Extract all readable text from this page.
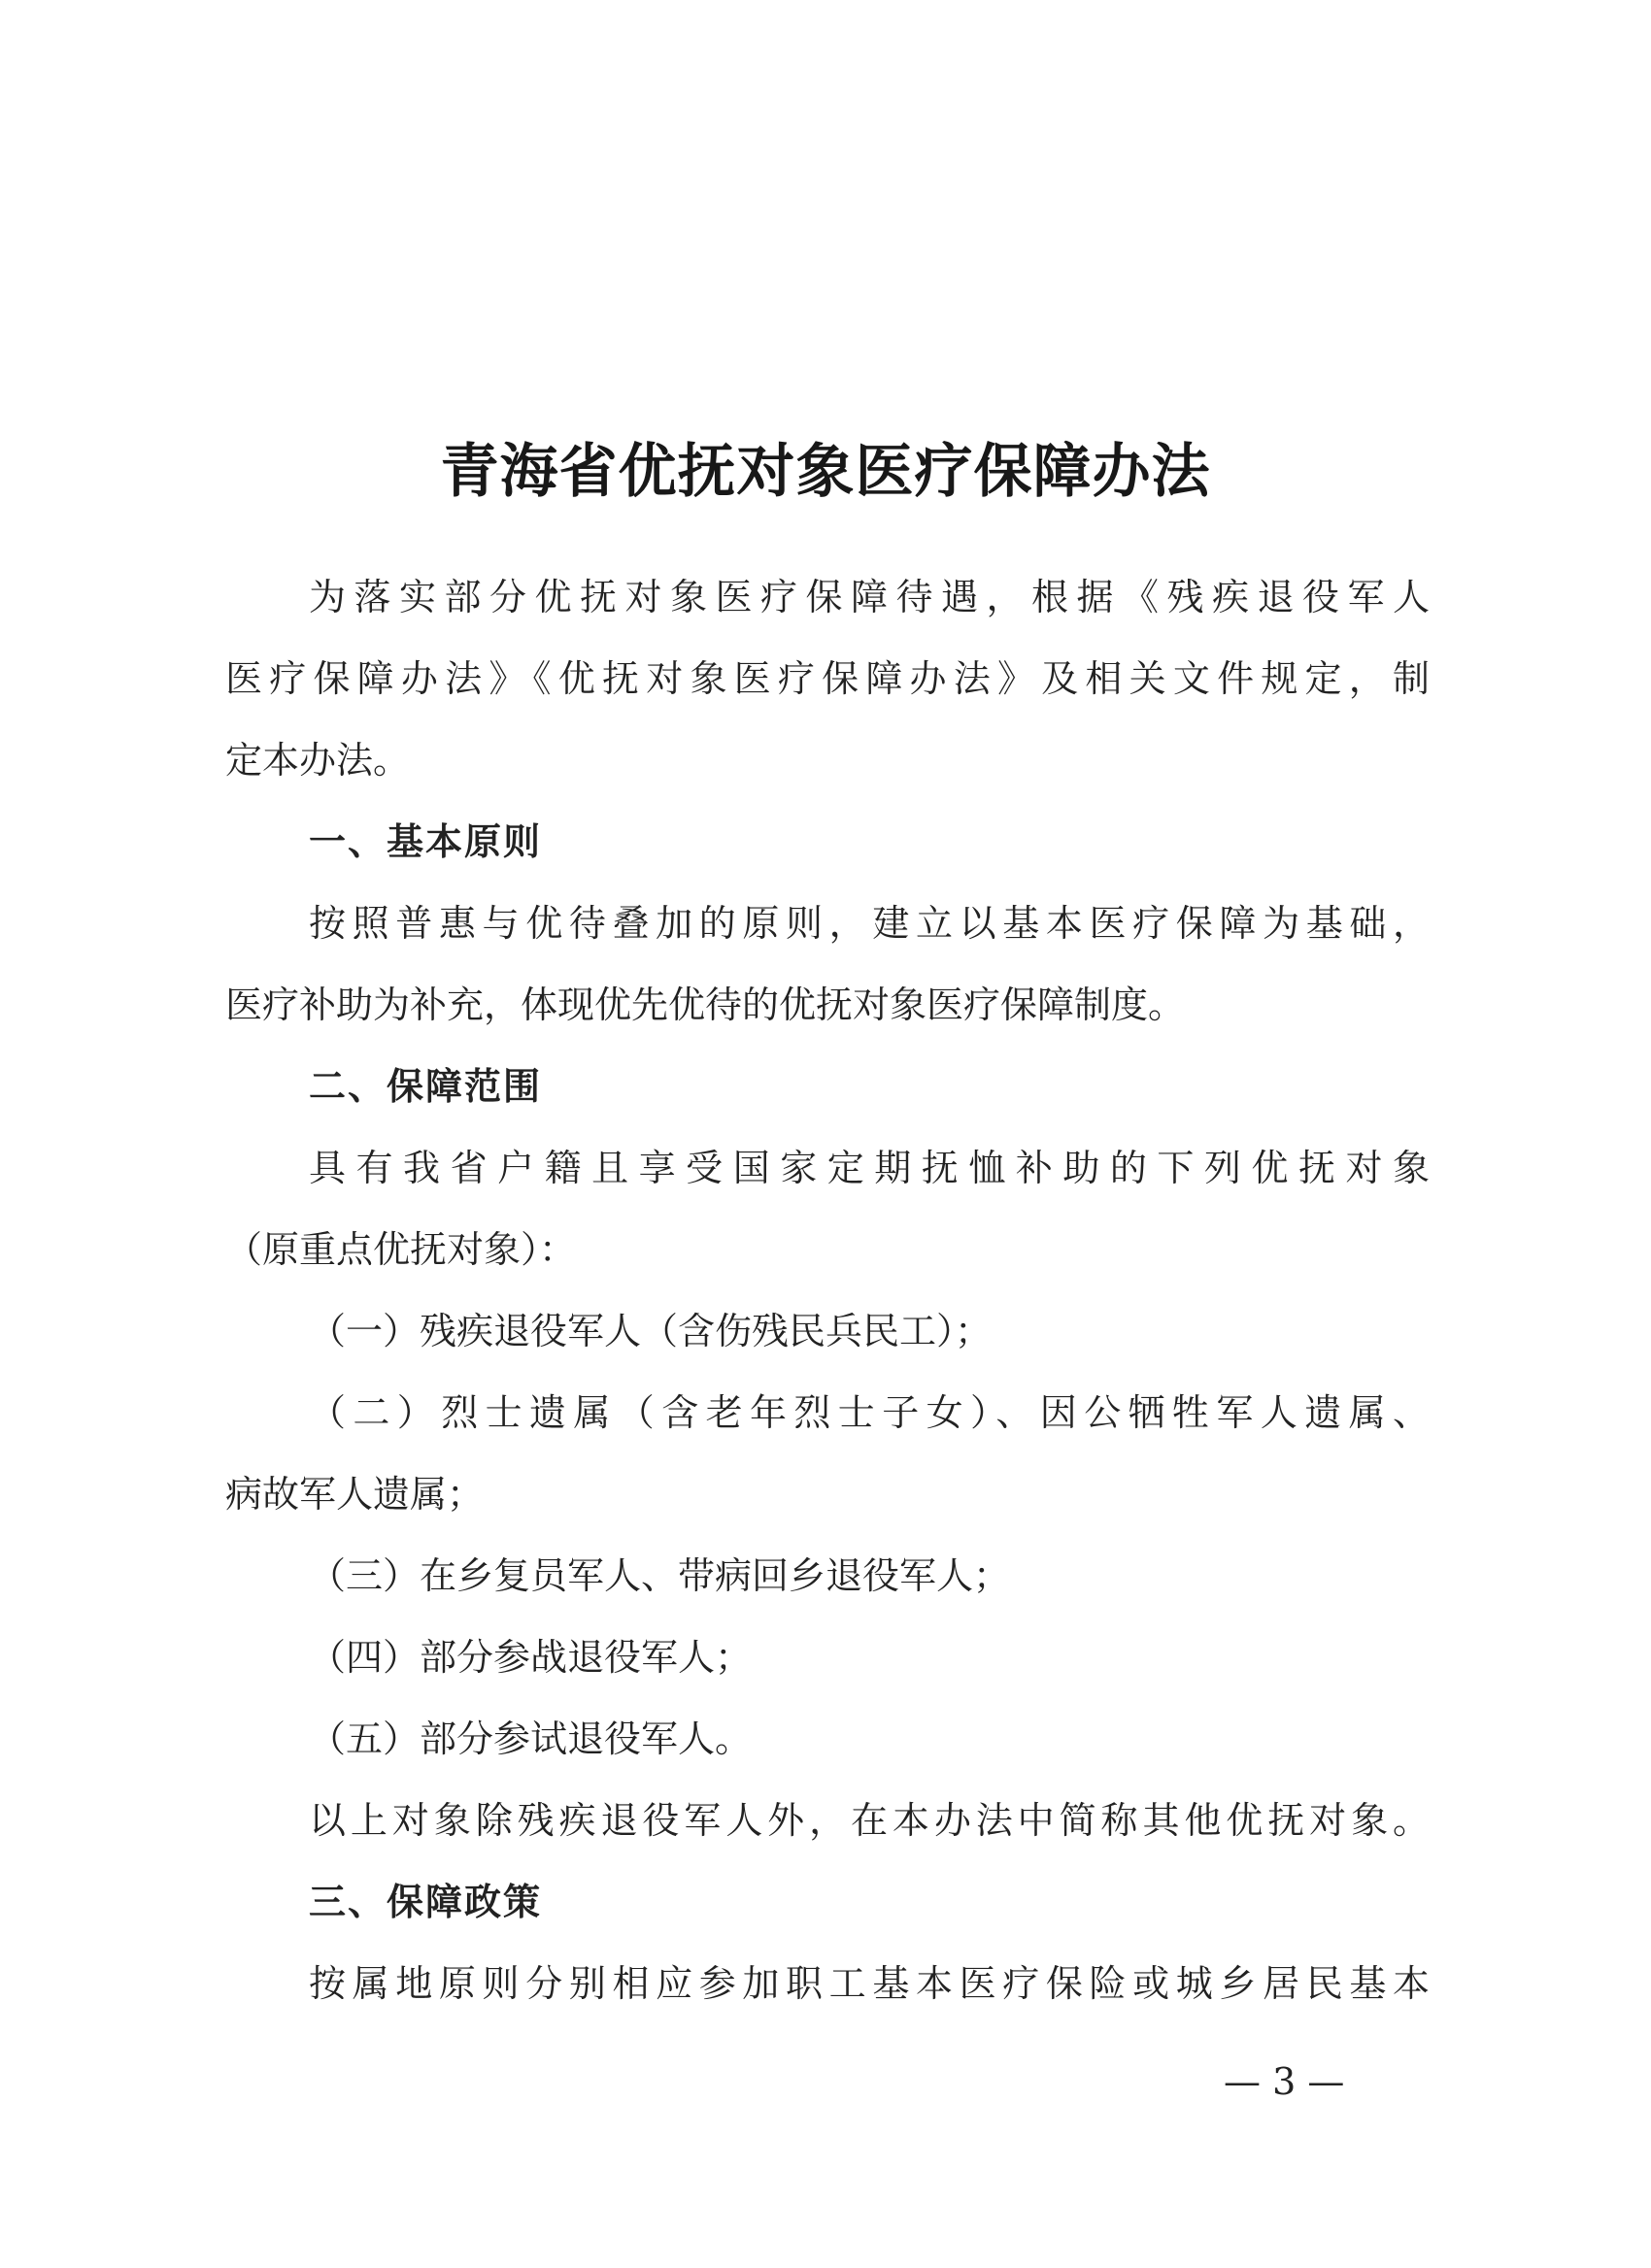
青海省优抚对象医疗保障办法
为落实部分优抚对象医疗保障待遇，根据《残疾退役军人
医疗保障办法》《优抚对象医疗保障办法》及相关文件规定，制
定本办法。
一、基本原则
按照普惠与优待叠加的原则，建立以基本医疗保障为基础，
医疗补助为补充，体现优先优待的优抚对象医疗保障制度。
二、保障范围
具有我省户籍且享受国家定期抚恤补助的下列优抚对象
（原重点优抚对象）：
（一）残疾退役军人（含伤残民兵民工）；
（二）烈士遗属（含老年烈士子女）、因公牺牲军人遗属、
病故军人遗属；
（三）在乡复员军人、带病回乡退役军人；
（四）部分参战退役军人；
（五）部分参试退役军人。
以上对象除残疾退役军人外，在本办法中简称其他优抚对象。
三、保障政策
按属地原则分别相应参加职工基本医疗保险或城乡居民基本
— 3 —
